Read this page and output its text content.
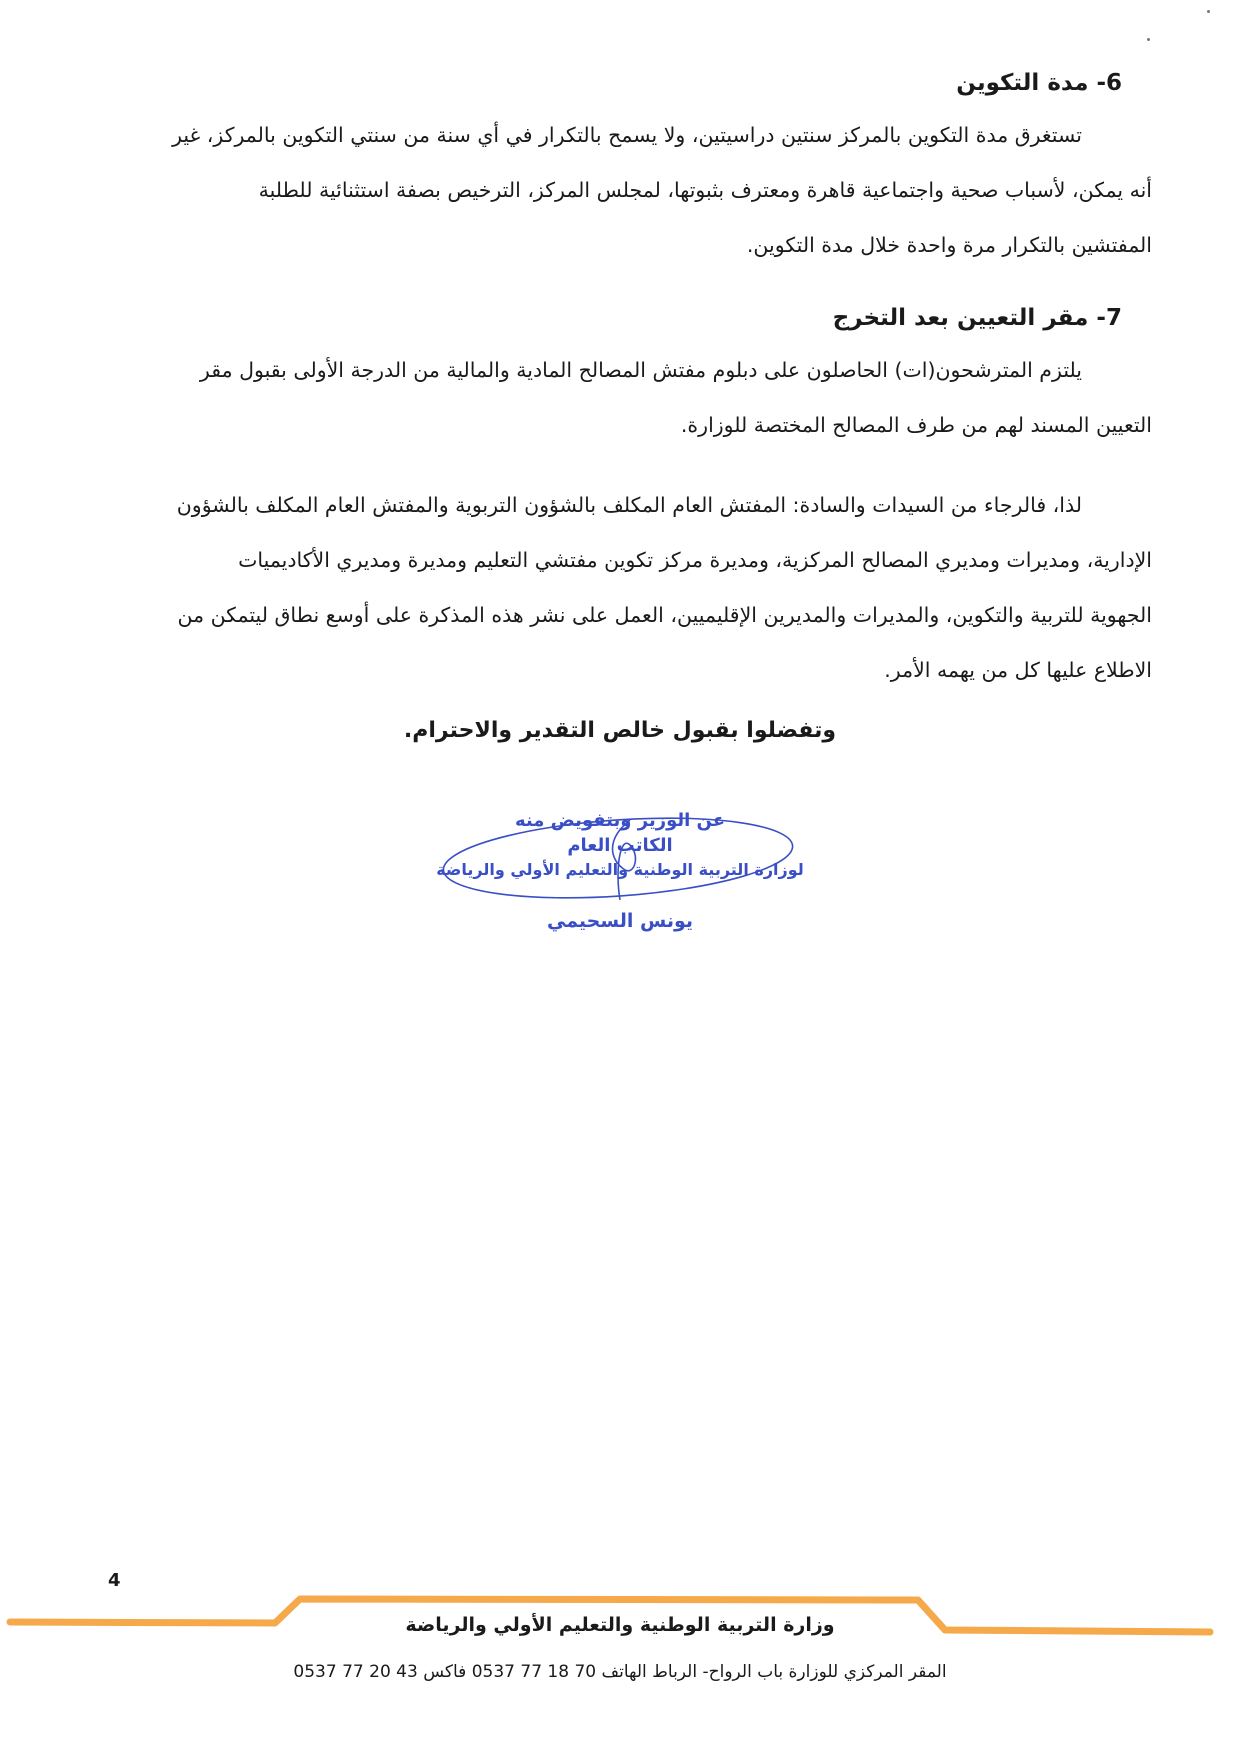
6- مدة التكوين
تستغرق مدة التكوين بالمركز سنتين دراسيتين، ولا يسمح بالتكرار في أي سنة من سنتي التكوين بالمركز، غير
أنه يمكن، لأسباب صحية واجتماعية قاهرة ومعترف بثبوتها، لمجلس المركز، الترخيص بصفة استثنائية للطلبة
المفتشين بالتكرار مرة واحدة خلال مدة التكوين.
7- مقر التعيين بعد التخرج
يلتزم المترشحون(ات) الحاصلون على دبلوم مفتش المصالح المادية والمالية من الدرجة الأولى بقبول مقر
التعيين المسند لهم من طرف المصالح المختصة للوزارة.
لذا، فالرجاء من السيدات والسادة: المفتش العام المكلف بالشؤون التربوية والمفتش العام المكلف بالشؤون
الإدارية، ومديرات ومديري المصالح المركزية، ومديرة مركز تكوين مفتشي التعليم ومديرة ومديري الأكاديميات
الجهوية للتربية والتكوين، والمديرات والمديرين الإقليميين، العمل على نشر هذه المذكرة على أوسع نطاق ليتمكن من
الاطلاع عليها كل من يهمه الأمر.
وتفضلوا بقبول خالص التقدير والاحترام.
عن الوزير وبتفويض منه
الكاتب العام
لوزارة التربية الوطنية والتعليم الأولي والرياضة
يونس السحيمي
4
وزارة التربية الوطنية والتعليم الأولي والرياضة
المقر المركزي للوزارة باب الرواح- الرباط الهاتف 70 18 77 0537 فاكس 43 20 77 0537
